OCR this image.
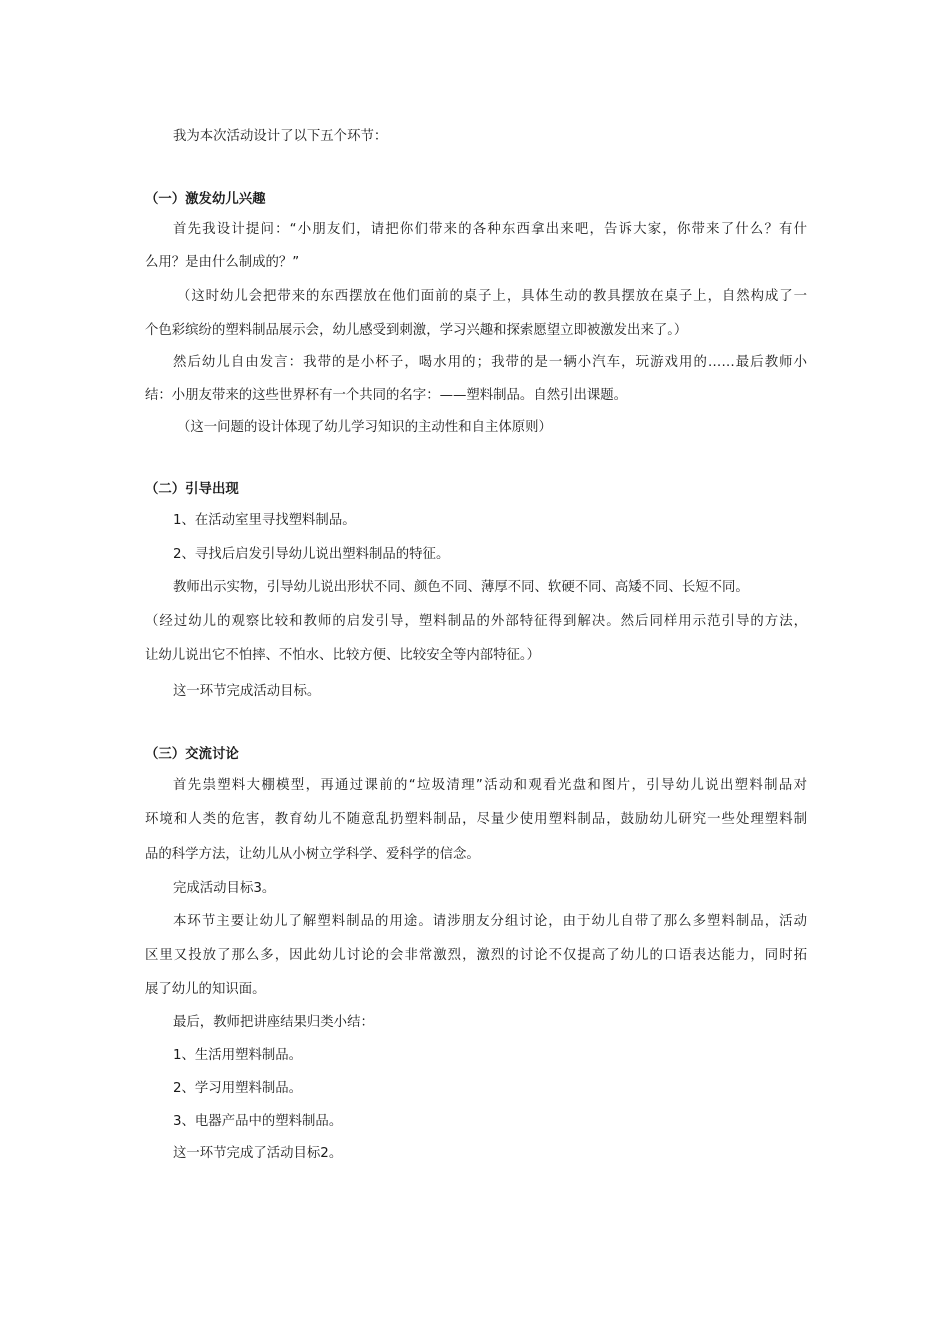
我为本次活动设计了以下五个环节：
（一）激发幼儿兴趣
首先我设计提问：“小朋友们，请把你们带来的各种东西拿出来吧，告诉大家，你带来了什么？有什
么用？是由什么制成的？”
（这时幼儿会把带来的东西摆放在他们面前的桌子上，具体生动的教具摆放在桌子上，自然构成了一
个色彩缤纷的塑料制品展示会，幼儿感受到刺激，学习兴趣和探索愿望立即被激发出来了。）
然后幼儿自由发言：我带的是小杯子，喝水用的；我带的是一辆小汽车，玩游戏用的……最后教师小
结：小朋友带来的这些世界杯有一个共同的名字：——塑料制品。自然引出课题。
（这一问题的设计体现了幼儿学习知识的主动性和自主体原则）
（二）引导出现
1、在活动室里寻找塑料制品。
2、寻找后启发引导幼儿说出塑料制品的特征。
教师出示实物，引导幼儿说出形状不同、颜色不同、薄厚不同、软硬不同、高矮不同、长短不同。
（经过幼儿的观察比较和教师的启发引导，塑料制品的外部特征得到解决。然后同样用示范引导的方法，
让幼儿说出它不怕摔、不怕水、比较方便、比较安全等内部特征。）
这一环节完成活动目标。
（三）交流讨论
首先祟塑料大棚模型，再通过课前的“垃圾清理”活动和观看光盘和图片，引导幼儿说出塑料制品对
环境和人类的危害，教育幼儿不随意乱扔塑料制品，尽量少使用塑料制品，鼓励幼儿研究一些处理塑料制
品的科学方法，让幼儿从小树立学科学、爱科学的信念。
完成活动目标3。
本环节主要让幼儿了解塑料制品的用途。请涉朋友分组讨论，由于幼儿自带了那么多塑料制品，活动
区里又投放了那么多，因此幼儿讨论的会非常激烈，激烈的讨论不仅提高了幼儿的口语表达能力，同时拓
展了幼儿的知识面。
最后，教师把讲座结果归类小结：
1、生活用塑料制品。
2、学习用塑料制品。
3、电器产品中的塑料制品。
这一环节完成了活动目标2。
